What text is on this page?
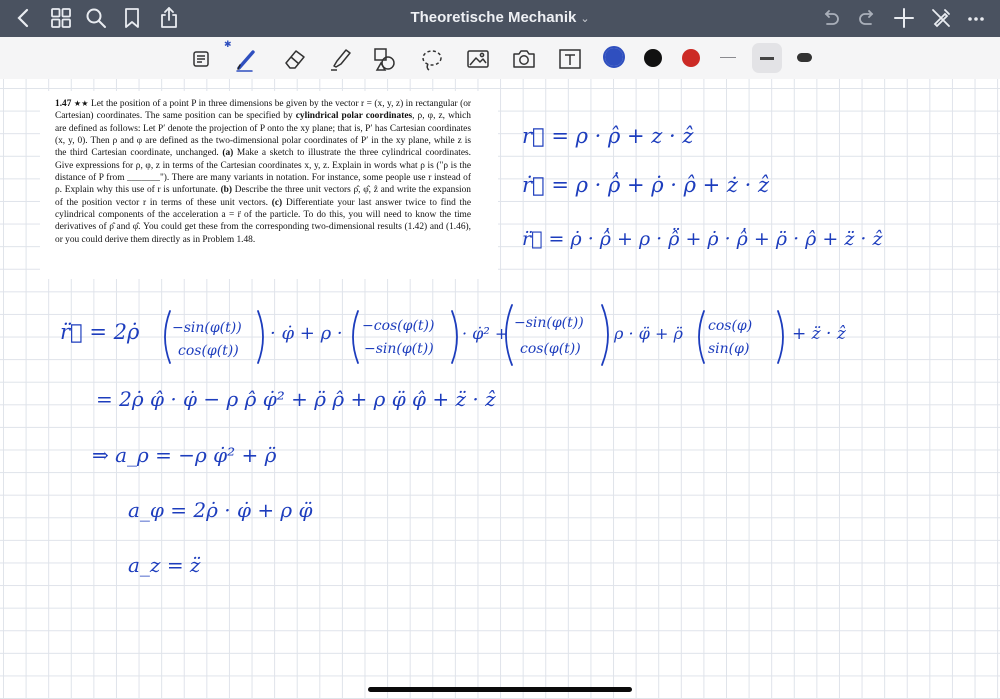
Theoretische Mechanik ⌄
✱

1.47 ★★ Let the position of a point P in three dimensions be given by the vector r = (x, y, z) in rectangular (or Cartesian) coordinates. The same position can be specified by cylindrical polar coordinates, ρ, φ, z, which are defined as follows: Let P′ denote the projection of P onto the xy plane; that is, P′ has Cartesian coordinates (x, y, 0). Then ρ and φ are defined as the two-dimensional polar coordinates of P′ in the xy plane, while z is the third Cartesian coordinate, unchanged. (a) Make a sketch to illustrate the three cylindrical coordinates. Give expressions for ρ, φ, z in terms of the Cartesian coordinates x, y, z. Explain in words what ρ is ("ρ is the distance of P from _______"). There are many variants in notation. For instance, some people use r instead of ρ. Explain why this use of r is unfortunate. (b) Describe the three unit vectors ρ̂, φ̂, ẑ and write the expansion of the position vector r in terms of these unit vectors. (c) Differentiate your last answer twice to find the cylindrical components of the acceleration a = r̈ of the particle. To do this, you will need to know the time derivatives of ρ̂ and φ̂. You could get these from the corresponding two-dimensional results (1.42) and (1.46), or you could derive them directly as in Problem 1.48.

r⃗ = ρ · ρ̂ + z · ẑ
ṙ⃗ = ρ · ρ̂̇ + ρ̇ · ρ̂ + ż · ẑ
r̈⃗ = ρ̇ · ρ̂̇ + ρ · ρ̂̈ + ρ̇ · ρ̂̇ + ρ̈ · ρ̂ + z̈ · ẑ
r̈⃗ = 2ρ̇ −sin(φ(t))
cos(φ(t))
· φ̇ + ρ · −cos(φ(t))
−sin(φ(t))
· φ̇² +
−sin(φ(t))
cos(φ(t))
ρ · φ̈ + ρ̈ cos(φ)
sin(φ)
+ z̈ · ẑ
= 2ρ̇ φ̂ · φ̇ − ρ ρ̂ φ̇² + ρ̈ ρ̂ + ρ φ̈ φ̂ + z̈ · ẑ
⇒ a_ρ = −ρ φ̇² + ρ̈
a_φ = 2ρ̇ · φ̇ + ρ φ̈
a_z = z̈
